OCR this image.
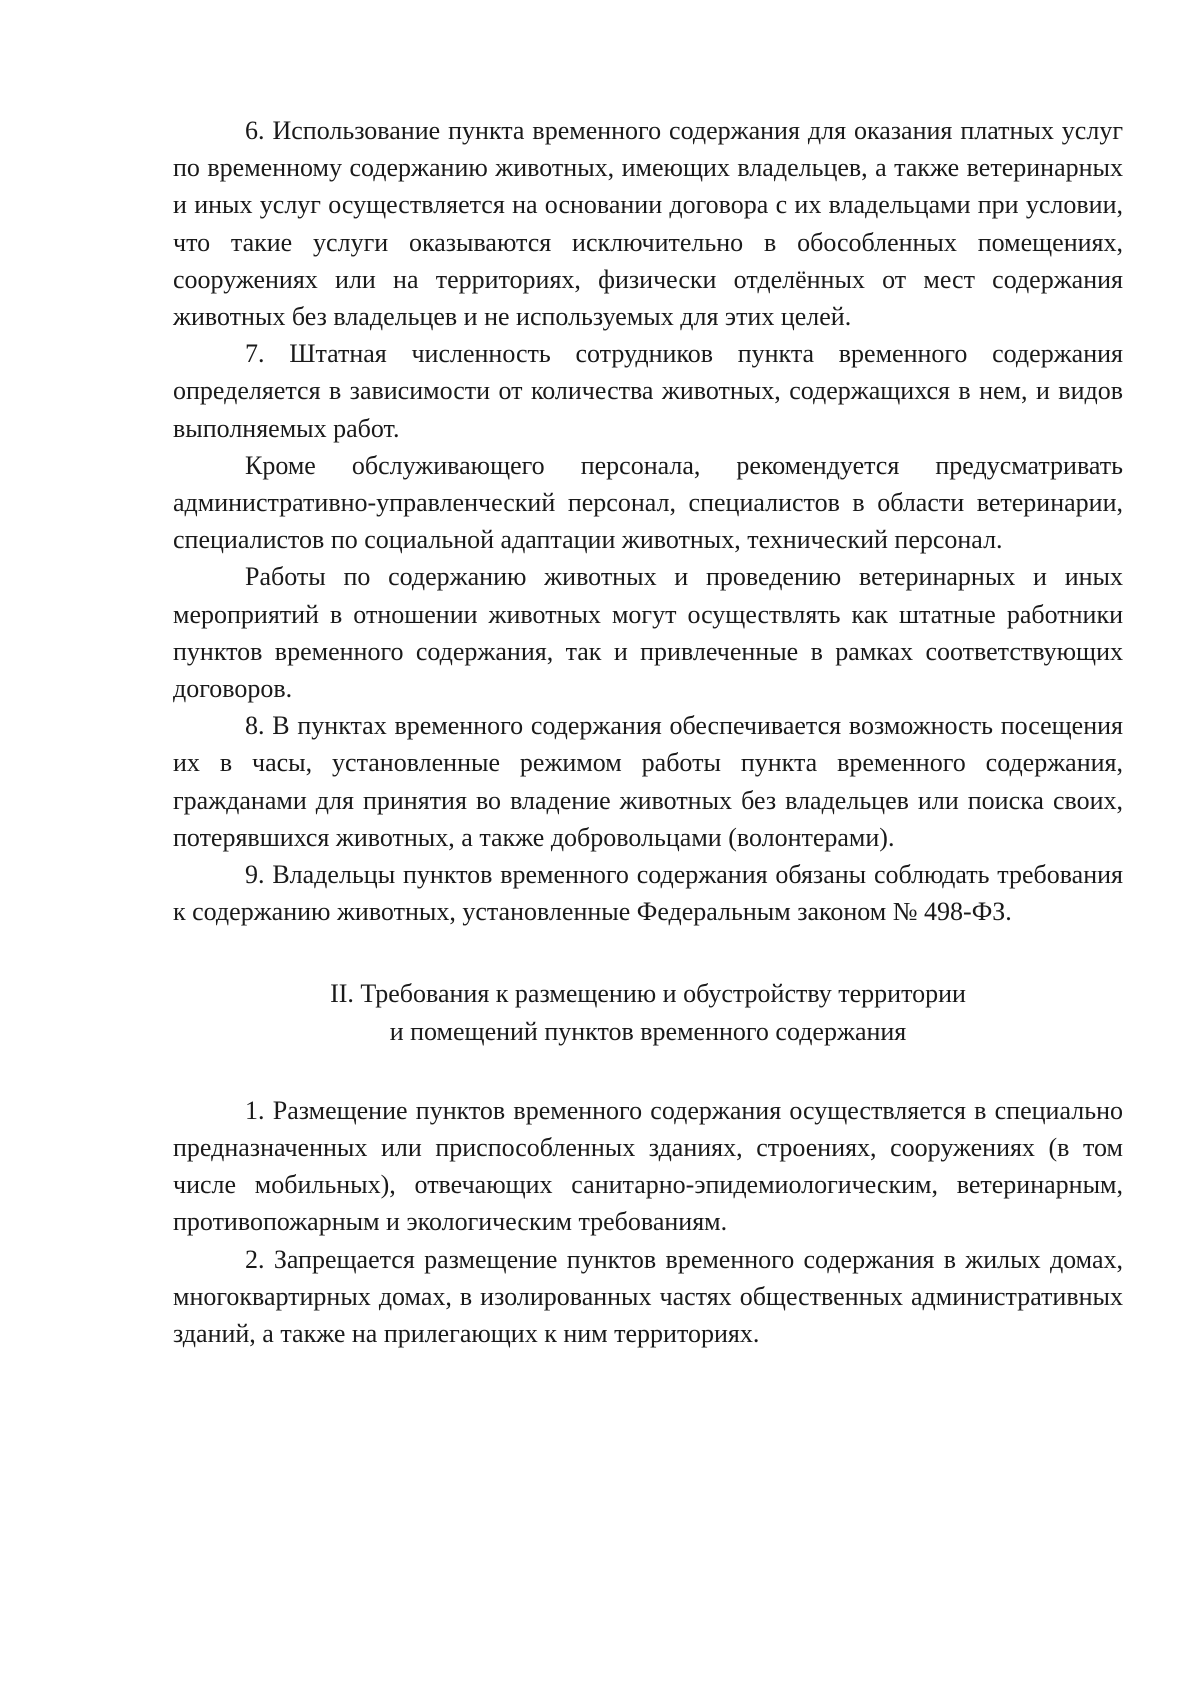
6. Использование пункта временного содержания для оказания платных услуг по временному содержанию животных, имеющих владельцев, а также ветеринарных и иных услуг осуществляется на основании договора с их владельцами при условии, что такие услуги оказываются исключительно в обособленных помещениях, сооружениях или на территориях, физически отделённых от мест содержания животных без владельцев и не используемых для этих целей.

7. Штатная численность сотрудников пункта временного содержания определяется в зависимости от количества животных, содержащихся в нем, и видов выполняемых работ.

Кроме обслуживающего персонала, рекомендуется предусматривать административно-управленческий персонал, специалистов в области ветеринарии, специалистов по социальной адаптации животных, технический персонал.

Работы по содержанию животных и проведению ветеринарных и иных мероприятий в отношении животных могут осуществлять как штатные работники пунктов временного содержания, так и привлеченные в рамках соответствующих договоров.

8. В пунктах временного содержания обеспечивается возможность посещения их в часы, установленные режимом работы пункта временного содержания, гражданами для принятия во владение животных без владельцев или поиска своих, потерявшихся животных, а также добровольцами (волонтерами).

9. Владельцы пунктов временного содержания обязаны соблюдать требования к содержанию животных, установленные Федеральным законом № 498-ФЗ.

II. Требования к размещению и обустройству территории
и помещений пунктов временного содержания

1. Размещение пунктов временного содержания осуществляется в специально предназначенных или приспособленных зданиях, строениях, сооружениях (в том числе мобильных), отвечающих санитарно-эпидемиологическим, ветеринарным, противопожарным и экологическим требованиям.

2. Запрещается размещение пунктов временного содержания в жилых домах, многоквартирных домах, в изолированных частях общественных административных зданий, а также на прилегающих к ним территориях.
